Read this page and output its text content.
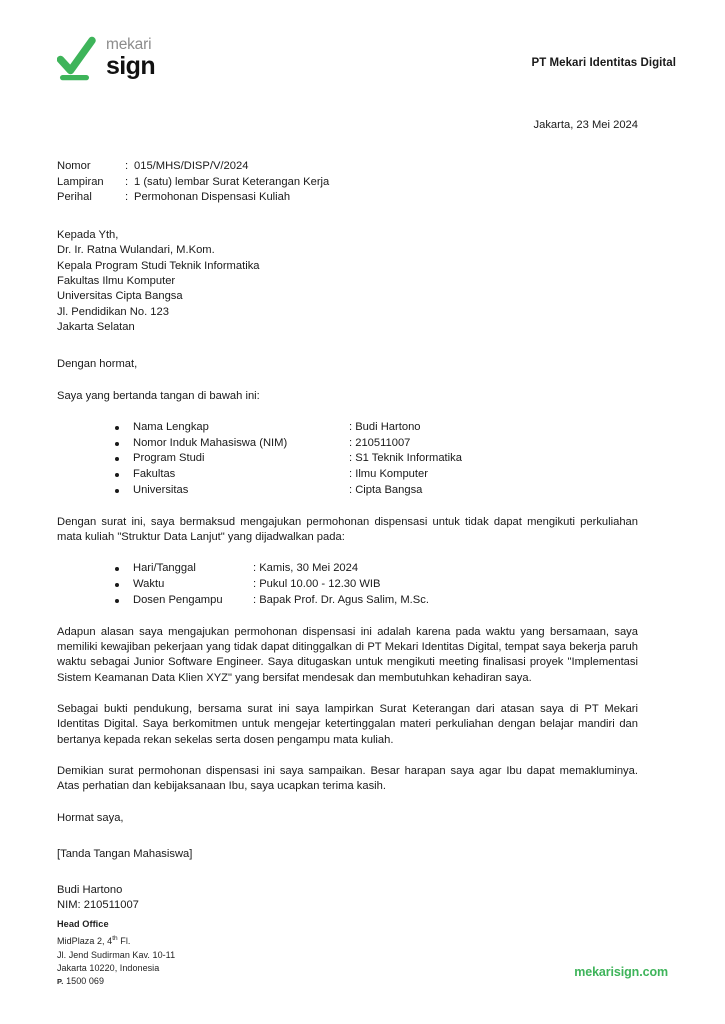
mekari
sign	PT Mekari Identitas Digital
Jakarta, 23 Mei 2024
Nomor	:	015/MHS/DISP/V/2024
Lampiran	:	1 (satu) lembar Surat Keterangan Kerja
Perihal	:	Permohonan Dispensasi Kuliah
Kepada Yth,
Dr. Ir. Ratna Wulandari, M.Kom.
Kepala Program Studi Teknik Informatika
Fakultas Ilmu Komputer
Universitas Cipta Bangsa
Jl. Pendidikan No. 123
Jakarta Selatan

Dengan hormat,

Saya yang bertanda tangan di bawah ini:

Nama Lengkap	: Budi Hartono
Nomor Induk Mahasiswa (NIM)	: 210511007
Program Studi	: S1 Teknik Informatika
Fakultas	: Ilmu Komputer
Universitas	: Cipta Bangsa

Dengan surat ini, saya bermaksud mengajukan permohonan dispensasi untuk tidak dapat mengikuti perkuliahan mata kuliah "Struktur Data Lanjut" yang dijadwalkan pada:

Hari/Tanggal	: Kamis, 30 Mei 2024
Waktu	: Pukul 10.00 - 12.30 WIB
Dosen Pengampu	: Bapak Prof. Dr. Agus Salim, M.Sc.

Adapun alasan saya mengajukan permohonan dispensasi ini adalah karena pada waktu yang bersamaan, saya memiliki kewajiban pekerjaan yang tidak dapat ditinggalkan di PT Mekari Identitas Digital, tempat saya bekerja paruh waktu sebagai Junior Software Engineer. Saya ditugaskan untuk mengikuti meeting finalisasi proyek "Implementasi Sistem Keamanan Data Klien XYZ" yang bersifat mendesak dan membutuhkan kehadiran saya.

Sebagai bukti pendukung, bersama surat ini saya lampirkan Surat Keterangan dari atasan saya di PT Mekari Identitas Digital. Saya berkomitmen untuk mengejar ketertinggalan materi perkuliahan dengan belajar mandiri dan bertanya kepada rekan sekelas serta dosen pengampu mata kuliah.

Demikian surat permohonan dispensasi ini saya sampaikan. Besar harapan saya agar Ibu dapat memakluminya. Atas perhatian dan kebijaksanaan Ibu, saya ucapkan terima kasih.

Hormat saya,
[Tanda Tangan Mahasiswa]
Budi Hartono
NIM: 210511007
Head Office
MidPlaza 2, 4th Fl.
Jl. Jend Sudirman Kav. 10-11
Jakarta 10220, Indonesia
P. 1500 069
mekarisign.com
